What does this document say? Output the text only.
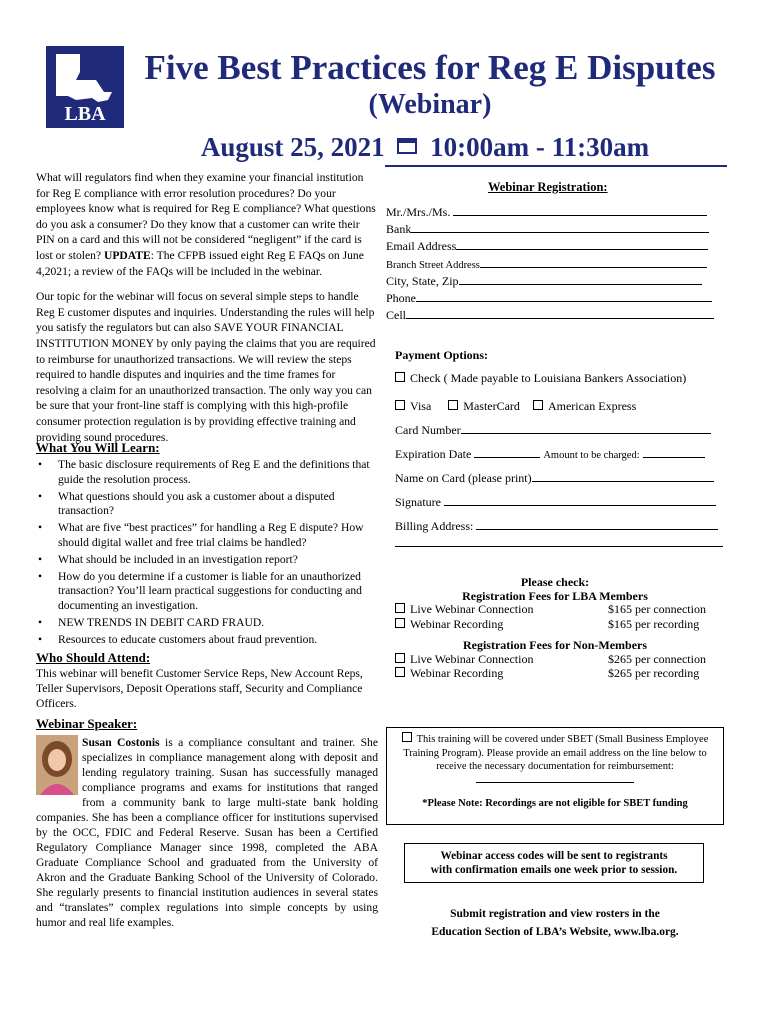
LBA
Five Best Practices for Reg E Disputes
(Webinar)
August 25, 2021 10:00am - 11:30am

What will regulators find when they examine your financial institution for Reg E compliance with error resolution procedures? Do your employees know what is required for Reg E compliance? What questions do you ask a consumer? Do they know that a customer can write their PIN on a card and this will not be considered “negligent” if the card is lost or stolen? UPDATE: The CFPB issued eight Reg E FAQs on June 4,2021; a review of the FAQs will be included in the webinar.

Our topic for the webinar will focus on several simple steps to handle Reg E customer disputes and inquiries. Understanding the rules will help you satisfy the regulators but can also SAVE YOUR FINANCIAL INSTITUTION MONEY by only paying the claims that you are required to reimburse for unauthorized transactions. We will review the steps required to handle disputes and inquiries and the time frames for resolving a claim for an unauthorized transaction. The only way you can be sure that your front-line staff is complying with this high-profile consumer protection regulation is by providing effective training and providing sound procedures.

What You Will Learn:
• The basic disclosure requirements of Reg E and the definitions that guide the resolution process.
• What questions should you ask a customer about a disputed transaction?
• What are five “best practices” for handling a Reg E dispute? How should digital wallet and free trial claims be handled?
• What should be included in an investigation report?
• How do you determine if a customer is liable for an unauthorized transaction? You’ll learn practical suggestions for conducting and documenting an investigation.
• NEW TRENDS IN DEBIT CARD FRAUD.
• Resources to educate customers about fraud prevention.
Who Should Attend:
This webinar will benefit Customer Service Reps, New Account Reps, Teller Supervisors, Deposit Operations staff, Security and Compliance Officers.
Webinar Speaker:
Susan Costonis is a compliance consultant and trainer. She specializes in compliance management along with deposit and lending regulatory training. Susan has successfully managed compliance programs and exams for institutions that ranged from a community bank to large multi-state bank holding companies. She has been a compliance officer for institutions supervised by the OCC, FDIC and Federal Reserve. Susan has been a Certified Regulatory Compliance Manager since 1998, completed the ABA Graduate Compliance School and graduated from the University of Akron and the Graduate Banking School of the University of Colorado. She regularly presents to financial institution audiences in several states and “translates” complex regulations into simple concepts by using humor and real life examples.
Webinar Registration:
Mr./Mrs./Ms.
Bank
Email Address
Branch Street Address
City, State, Zip
Phone
Cell
Payment Options:
Check ( Made payable to Louisiana Bankers Association)
Visa	MasterCard American Express
Card Number
Expiration Date	Amount to be charged:
Name on Card (please print)
Signature
Billing Address:
Please check:
Registration Fees for LBA Members
Live Webinar Connection	$165 per connection
Webinar Recording	$165 per recording
Registration Fees for Non-Members
Live Webinar Connection	$265 per connection
Webinar Recording	$265 per recording
This training will be covered under SBET (Small Business Employee Training Program). Please provide an email address on the line below to receive the necessary documentation for reimbursement:
*Please Note: Recordings are not eligible for SBET funding
Webinar access codes will be sent to registrants
with confirmation emails one week prior to session.
Submit registration and view rosters in the
Education Section of LBA’s Website, www.lba.org.
